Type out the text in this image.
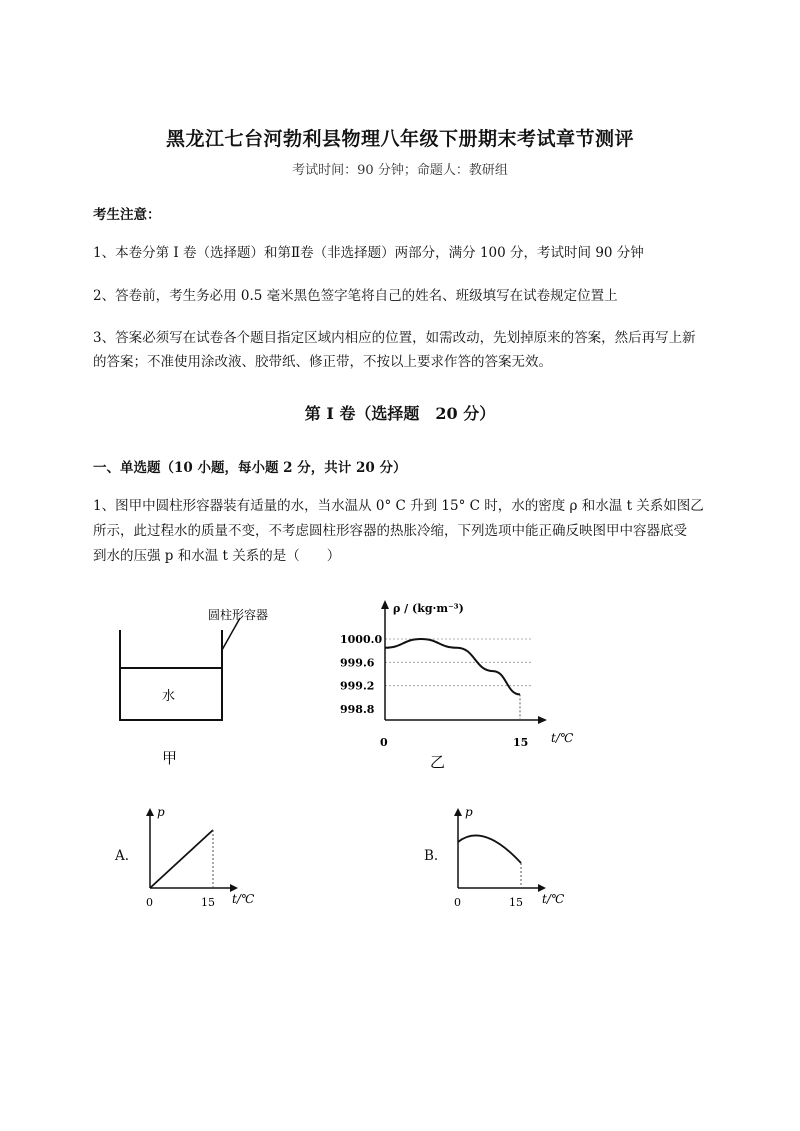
黑龙江七台河勃利县物理八年级下册期末考试章节测评
考试时间：90 分钟；命题人：教研组
考生注意：
1、本卷分第 I 卷（选择题）和第Ⅱ卷（非选择题）两部分，满分 100 分，考试时间 90 分钟
2、答卷前，考生务必用 0.5 毫米黑色签字笔将自己的姓名、班级填写在试卷规定位置上
3、答案必须写在试卷各个题目指定区域内相应的位置，如需改动，先划掉原来的答案，然后再写上新
的答案；不准使用涂改液、胶带纸、修正带，不按以上要求作答的答案无效。
第 I 卷（选择题　20 分）
一、单选题（10 小题，每小题 2 分，共计 20 分）
1、图甲中圆柱形容器装有适量的水，当水温从 0° C 升到 15° C 时，水的密度 ρ 和水温 t 关系如图乙
所示，此过程水的质量不变，不考虑圆柱形容器的热胀冷缩，下列选项中能正确反映图甲中容器底受
到水的压强 p 和水温 t 关系的是（　　）
圆柱形容器
水
甲
ρ / (kg·m⁻³)
t/℃
0	15
998.8
999.2
999.6
1000.0
乙
A.
p
t/℃
0	15
B.
p
t/℃
0	15
